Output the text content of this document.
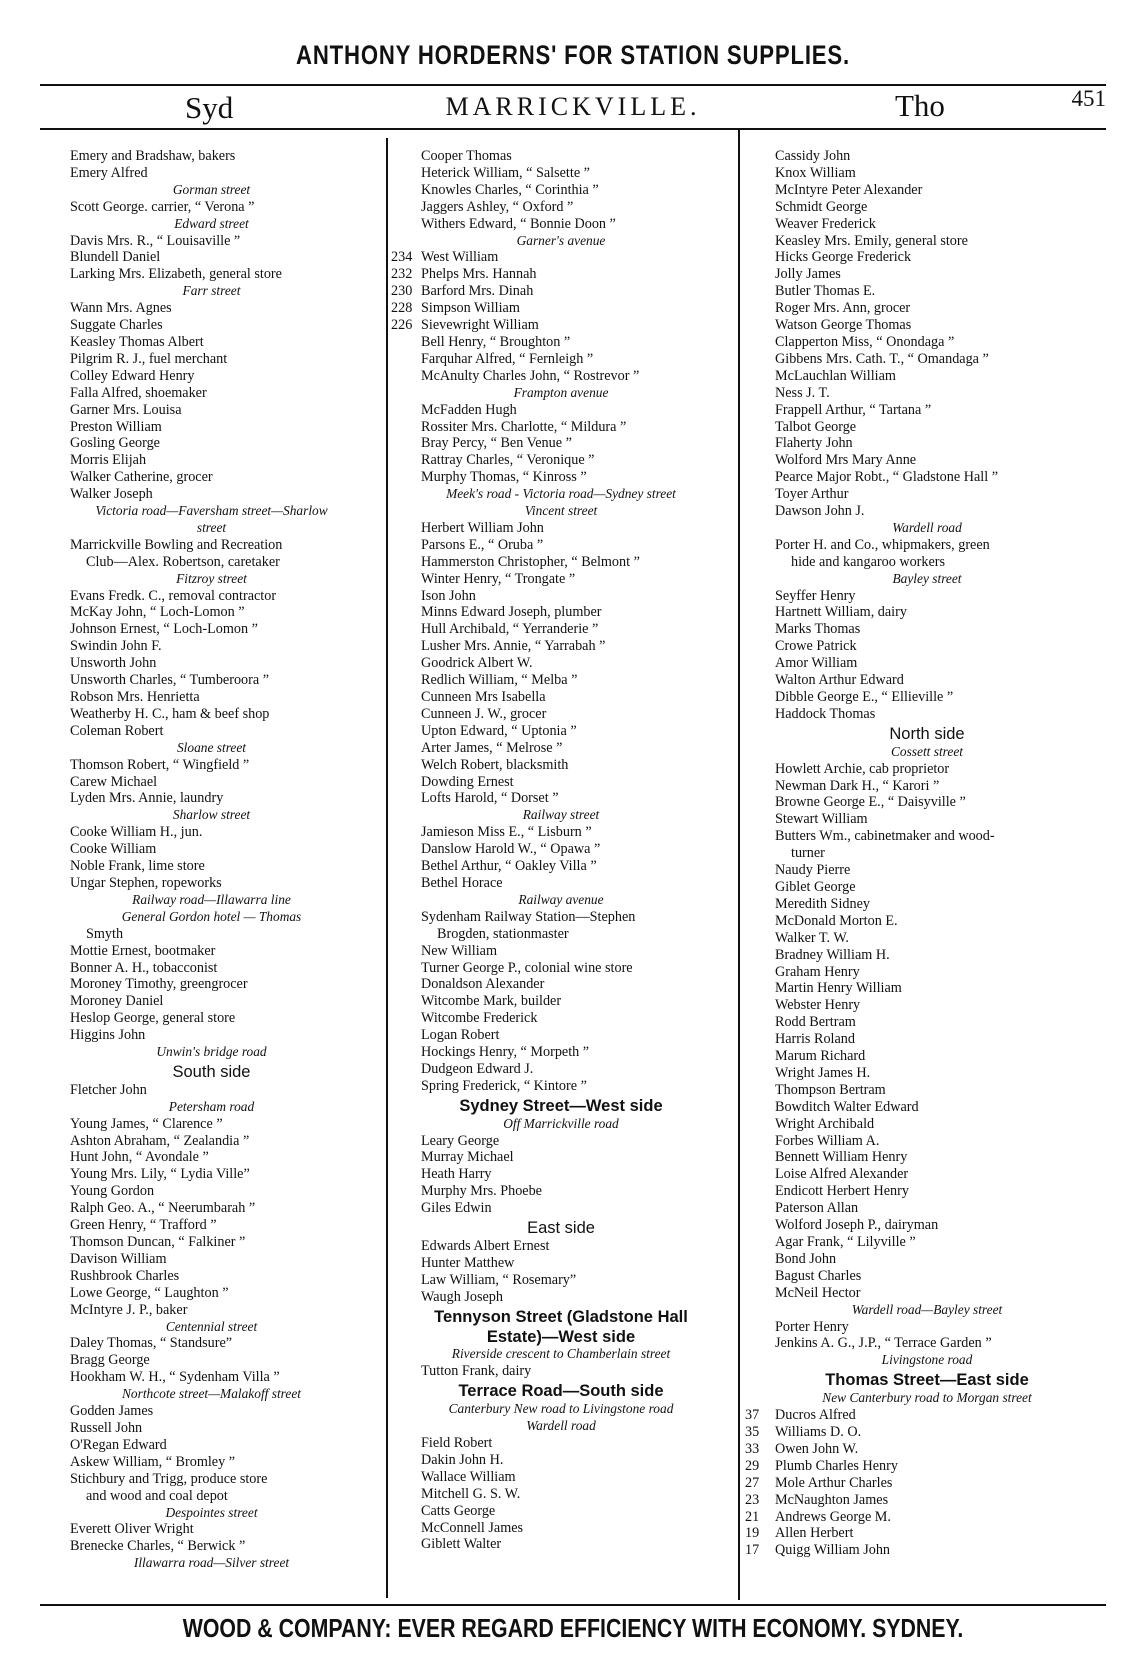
ANTHONY HORDERNS' FOR STATION SUPPLIES.
Syd	MARRICKVILLE.	Tho	451

Emery and Bradshaw, bakers

Emery Alfred

Gorman street

Scott George. carrier, “ Verona ”

Edward street

Davis Mrs. R., “ Louisaville ”

Blundell Daniel

Larking Mrs. Elizabeth, general store

Farr street

Wann Mrs. Agnes

Suggate Charles

Keasley Thomas Albert

Pilgrim R. J., fuel merchant

Colley Edward Henry

Falla Alfred, shoemaker

Garner Mrs. Louisa

Preston William

Gosling George

Morris Elijah

Walker Catherine, grocer

Walker Joseph

Victoria road—Faversham street—Sharlow

street

Marrickville Bowling and Recreation

Club—Alex. Robertson, caretaker

Fitzroy street

Evans Fredk. C., removal contractor

McKay John, “ Loch-Lomon ”

Johnson Ernest, “ Loch-Lomon ”

Swindin John F.

Unsworth John

Unsworth Charles, “ Tumberoora ”

Robson Mrs. Henrietta

Weatherby H. C., ham & beef shop

Coleman Robert

Sloane street

Thomson Robert, “ Wingfield ”

Carew Michael

Lyden Mrs. Annie, laundry

Sharlow street

Cooke William H., jun.

Cooke William

Noble Frank, lime store

Ungar Stephen, ropeworks

Railway road—Illawarra line

General Gordon hotel — Thomas

Smyth

Mottie Ernest, bootmaker

Bonner A. H., tobacconist

Moroney Timothy, greengrocer

Moroney Daniel

Heslop George, general store

Higgins John

Unwin's bridge road

South side

Fletcher John

Petersham road

Young James, “ Clarence ”

Ashton Abraham, “ Zealandia ”

Hunt John, “ Avondale ”

Young Mrs. Lily, “ Lydia Ville”

Young Gordon

Ralph Geo. A., “ Neerumbarah ”

Green Henry, “ Trafford ”

Thomson Duncan, “ Falkiner ”

Davison William

Rushbrook Charles

Lowe George, “ Laughton ”

McIntyre J. P., baker

Centennial street

Daley Thomas, “ Standsure”

Bragg George

Hookham W. H., “ Sydenham Villa ”

Northcote street—Malakoff street

Godden James

Russell John

O'Regan Edward

Askew William, “ Bromley ”

Stichbury and Trigg, produce store

and wood and coal depot

Despointes street

Everett Oliver Wright

Brenecke Charles, “ Berwick ”

Illawarra road—Silver street

Cooper Thomas

Heterick William, “ Salsette ”

Knowles Charles, “ Corinthia ”

Jaggers Ashley, “ Oxford ”

Withers Edward, “ Bonnie Doon ”

Garner's avenue

234 West William

232 Phelps Mrs. Hannah

230 Barford Mrs. Dinah

228 Simpson William

226 Sievewright William

Bell Henry, “ Broughton ”

Farquhar Alfred, “ Fernleigh ”

McAnulty Charles John, “ Rostrevor ”

Frampton avenue

McFadden Hugh

Rossiter Mrs. Charlotte, “ Mildura ”

Bray Percy, “ Ben Venue ”

Rattray Charles, “ Veronique ”

Murphy Thomas, “ Kinross ”

Meek's road - Victoria road—Sydney street

Vincent street

Herbert William John

Parsons E., “ Oruba ”

Hammerston Christopher, “ Belmont ”

Winter Henry, “ Trongate ”

Ison John

Minns Edward Joseph, plumber

Hull Archibald, “ Yerranderie ”

Lusher Mrs. Annie, “ Yarrabah ”

Goodrick Albert W.

Redlich William, “ Melba ”

Cunneen Mrs Isabella

Cunneen J. W., grocer

Upton Edward, “ Uptonia ”

Arter James, “ Melrose ”

Welch Robert, blacksmith

Dowding Ernest

Lofts Harold, “ Dorset ”

Railway street

Jamieson Miss E., “ Lisburn ”

Danslow Harold W., “ Opawa ”

Bethel Arthur, “ Oakley Villa ”

Bethel Horace

Railway avenue

Sydenham Railway Station—Stephen

Brogden, stationmaster

New William

Turner George P., colonial wine store

Donaldson Alexander

Witcombe Mark, builder

Witcombe Frederick

Logan Robert

Hockings Henry, “ Morpeth ”

Dudgeon Edward J.

Spring Frederick, “ Kintore ”

Sydney Street—West side

Off Marrickville road

Leary George

Murray Michael

Heath Harry

Murphy Mrs. Phoebe

Giles Edwin

East side

Edwards Albert Ernest

Hunter Matthew

Law William, “ Rosemary”

Waugh Joseph

Tennyson Street (Gladstone Hall

Estate)—West side

Riverside crescent to Chamberlain street

Tutton Frank, dairy

Terrace Road—South side

Canterbury New road to Livingstone road

Wardell road

Field Robert

Dakin John H.

Wallace William

Mitchell G. S. W.

Catts George

McConnell James

Giblett Walter

Cassidy John

Knox William

McIntyre Peter Alexander

Schmidt George

Weaver Frederick

Keasley Mrs. Emily, general store

Hicks George Frederick

Jolly James

Butler Thomas E.

Roger Mrs. Ann, grocer

Watson George Thomas

Clapperton Miss, “ Onondaga ”

Gibbens Mrs. Cath. T., “ Omandaga ”

McLauchlan William

Ness J. T.

Frappell Arthur, “ Tartana ”

Talbot George

Flaherty John

Wolford Mrs Mary Anne

Pearce Major Robt., “ Gladstone Hall ”

Toyer Arthur

Dawson John J.

Wardell road

Porter H. and Co., whipmakers, green

hide and kangaroo workers

Bayley street

Seyffer Henry

Hartnett William, dairy

Marks Thomas

Crowe Patrick

Amor William

Walton Arthur Edward

Dibble George E., “ Ellieville ”

Haddock Thomas

North side

Cossett street

Howlett Archie, cab proprietor

Newman Dark H., “ Karori ”

Browne George E., “ Daisyville ”

Stewart William

Butters Wm., cabinetmaker and wood-

turner

Naudy Pierre

Giblet George

Meredith Sidney

McDonald Morton E.

Walker T. W.

Bradney William H.

Graham Henry

Martin Henry William

Webster Henry

Rodd Bertram

Harris Roland

Marum Richard

Wright James H.

Thompson Bertram

Bowditch Walter Edward

Wright Archibald

Forbes William A.

Bennett William Henry

Loise Alfred Alexander

Endicott Herbert Henry

Paterson Allan

Wolford Joseph P., dairyman

Agar Frank, “ Lilyville ”

Bond John

Bagust Charles

McNeil Hector

Wardell road—Bayley street

Porter Henry

Jenkins A. G., J.P., “ Terrace Garden ”

Livingstone road

Thomas Street—East side

New Canterbury road to Morgan street

37 Ducros Alfred

35 Williams D. O.

33 Owen John W.

29 Plumb Charles Henry

27 Mole Arthur Charles

23 McNaughton James

21 Andrews George M.

19 Allen Herbert

17 Quigg William John

WOOD & COMPANY: EVER REGARD EFFICIENCY WITH ECONOMY. SYDNEY.
